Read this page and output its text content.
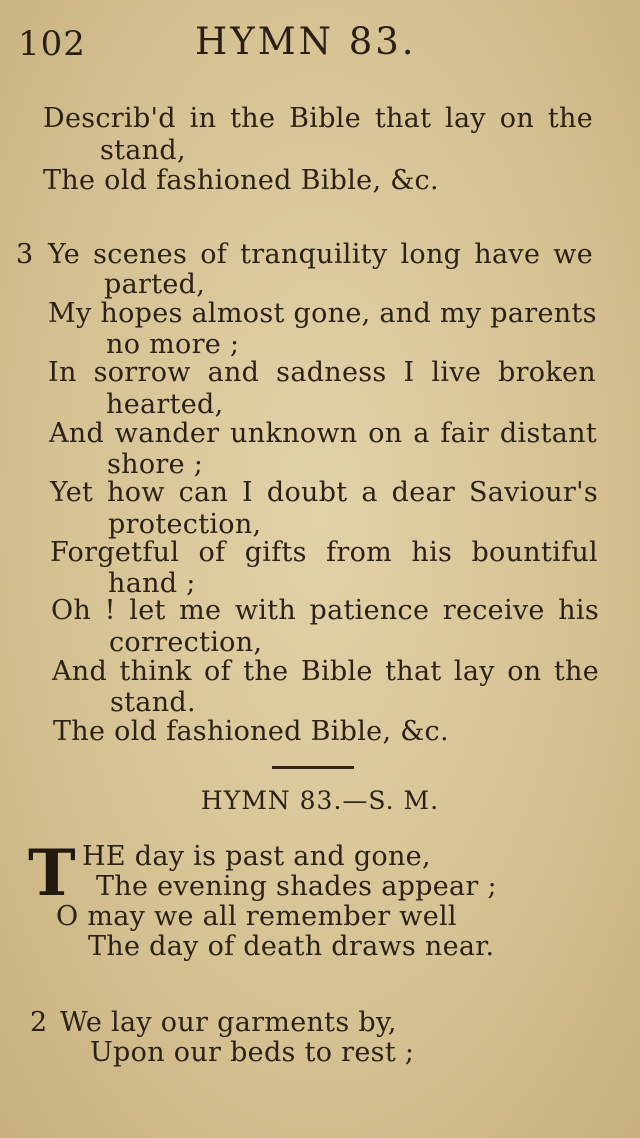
102	HYMN 83.
Describ'd in the Bible that lay on the
stand,
The old fashioned Bible, &c.
3 Ye scenes of tranquility long have we
parted,
My hopes almost gone, and my parents
no more ;
In sorrow and sadness I live broken
hearted,
And wander unknown on a fair distant
shore ;
Yet how can I doubt a dear Saviour's
protection,
Forgetful of gifts from his bountiful
hand ;
Oh ! let me with patience receive his
correction,
And think of the Bible that lay on the
stand.
The old fashioned Bible, &c.
HYMN 83.—S. M.
T HE day is past and gone,
The evening shades appear ;
O may we all remember well
The day of death draws near.
2 We lay our garments by,
Upon our beds to rest ;
